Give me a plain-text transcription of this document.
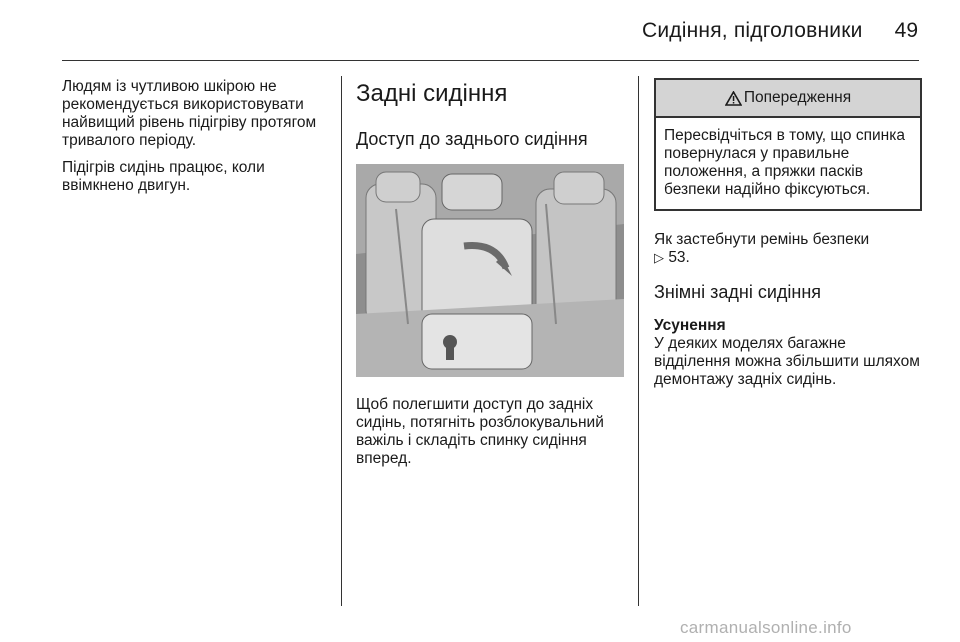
Сидіння, підголовники	49

Людям із чутливою шкірою не рекомендується використовувати найвищий рівень підігріву протягом тривалого періоду.

Підігрів сидінь працює, коли ввімкнено двигун.

Задні сидіння
Доступ до заднього сидіння

Щоб полегшити доступ до задніх сидінь, потягніть розблокувальний важіль і складіть спинку сидіння вперед.

Попередження
Пересвідчіться в тому, що спинка повернулася у правильне положення, а пряжки пасків безпеки надійно фіксуються.

Як застебнути ремінь безпеки
▷ 53.

Знімні задні сидіння
Усунення

У деяких моделях багажне відділення можна збільшити шляхом демонтажу задніх сидінь.

carmanualsonline.info
